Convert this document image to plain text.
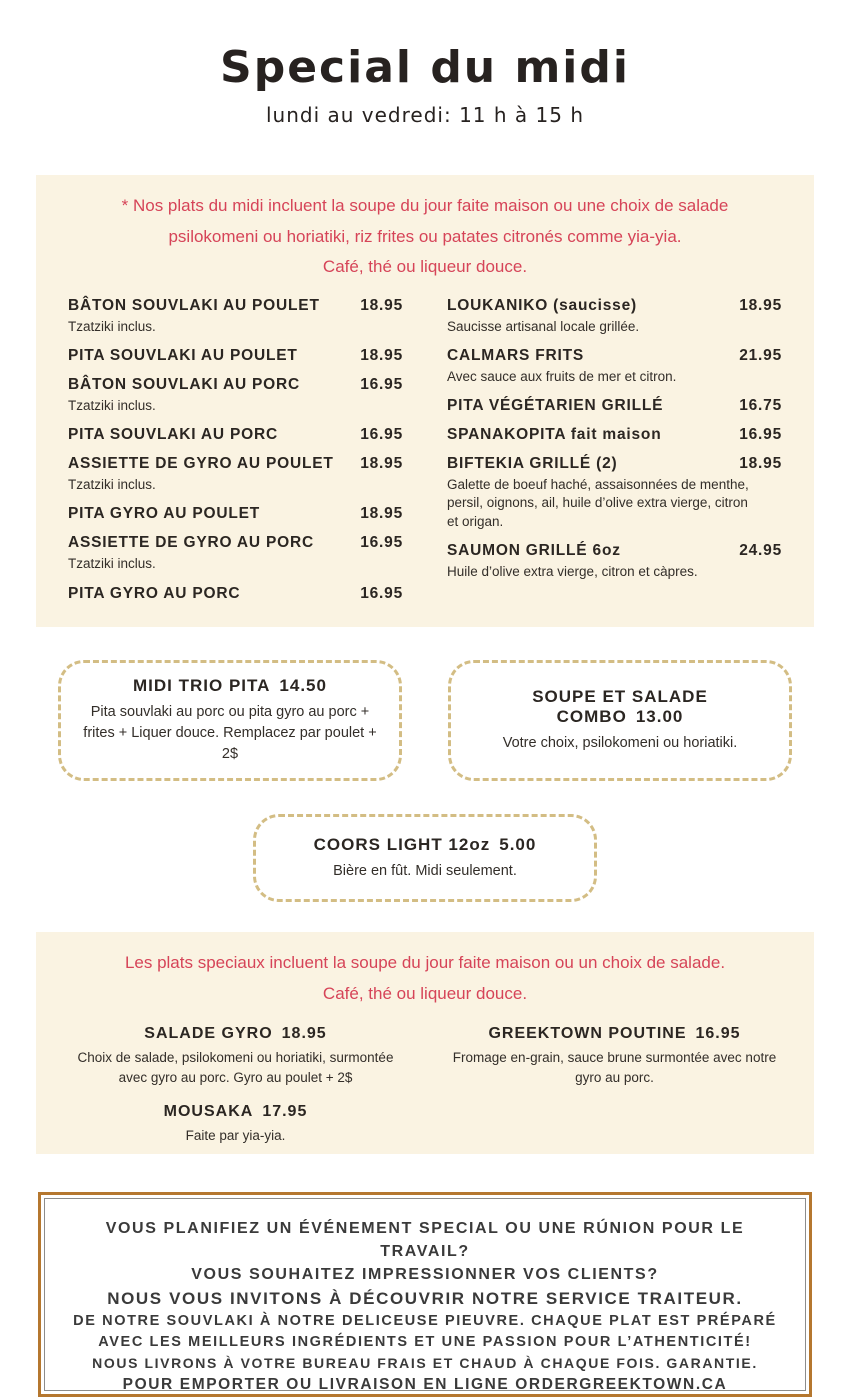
Special du midi
lundi au vedredi: 11 h à 15 h
* Nos plats du midi incluent la soupe du jour faite maison ou une choix de salade
psilokomeni ou horiatiki, riz frites ou patates citronés comme yia-yia.
Café, thé ou liqueur douce.
BÂTON SOUVLAKI AU POULET	18.95
Tzatziki inclus.
PITA SOUVLAKI AU POULET	18.95
BÂTON SOUVLAKI AU PORC	16.95
Tzatziki inclus.
PITA SOUVLAKI AU PORC	16.95
ASSIETTE DE GYRO AU POULET	18.95
Tzatziki inclus.
PITA GYRO AU POULET	18.95
ASSIETTE DE GYRO AU PORC	16.95
Tzatziki inclus.
PITA GYRO AU PORC	16.95
LOUKANIKO (saucisse)	18.95
Saucisse artisanal locale grillée.
CALMARS FRITS	21.95
Avec sauce aux fruits de mer et citron.
PITA VÉGÉTARIEN GRILLÉ	16.75
SPANAKOPITA fait maison	16.95
BIFTEKIA GRILLÉ (2)	18.95
Galette de boeuf haché, assaisonnées de menthe, persil, oignons, ail, huile d’olive extra vierge, citron et origan.
SAUMON GRILLÉ 6oz	24.95
Huile d’olive extra vierge, citron et càpres.
MIDI TRIO PITA 14.50
Pita souvlaki au porc ou pita gyro au porc + frites + Liquer douce. Remplacez par poulet + 2$
SOUPE ET SALADE COMBO 13.00
Votre choix, psilokomeni ou horiatiki.
COORS LIGHT 12oz 5.00
Bière en fût. Midi seulement.
Les plats speciaux incluent la soupe du jour faite maison ou un choix de salade.
Café, thé ou liqueur douce.
SALADE GYRO 18.95
Choix de salade, psilokomeni ou horiatiki, surmontée avec gyro au porc. Gyro au poulet + 2$
MOUSAKA 17.95
Faite par yia-yia.
GREEKTOWN POUTINE 16.95
Fromage en-grain, sauce brune surmontée avec notre gyro au porc.
VOUS PLANIFIEZ UN ÉVÉNEMENT SPECIAL OU UNE RÚNION POUR LE TRAVAIL?
VOUS SOUHAITEZ IMPRESSIONNER VOS CLIENTS?
NOUS VOUS INVITONS À DÉCOUVRIR NOTRE SERVICE TRAITEUR.
DE NOTRE SOUVLAKI À NOTRE DELICEUSE PIEUVRE. CHAQUE PLAT EST PRÉPARÉ AVEC LES MEILLEURS INGRÉDIENTS ET UNE PASSION POUR L’ATHENTICITÉ!
NOUS LIVRONS À VOTRE BUREAU FRAIS ET CHAUD À CHAQUE FOIS. GARANTIE.
POUR EMPORTER OU LIVRAISON EN LIGNE ORDERGREEKTOWN.CA
